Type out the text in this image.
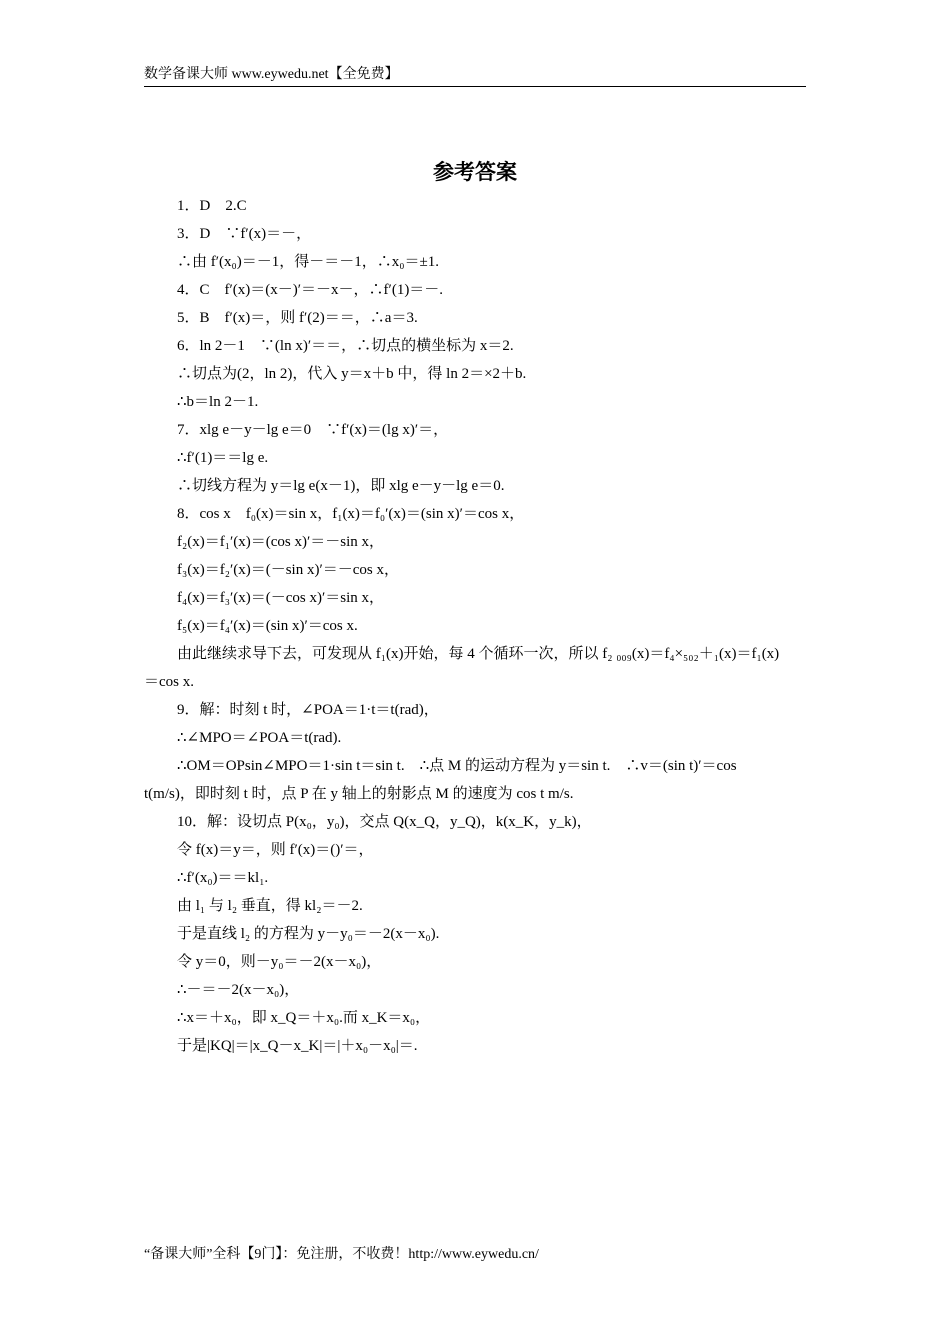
数学备课大师 www.eywedu.net【全免费】
参考答案
1．D　2.C
3．D　∵f′(x)＝－，
∴由 f′(x₀)＝－1，得－＝－1，∴x₀＝±1.
4．C　f′(x)＝(x－)′＝－x－，∴f′(1)＝－.
5．B　f′(x)＝，则 f′(2)＝＝，∴a＝3.
6．ln 2－1　∵(ln x)′＝＝，∴切点的横坐标为 x＝2.
∴切点为(2，ln 2)，代入 y＝x＋b 中，得 ln 2＝×2＋b.
∴b＝ln 2－1.
7．xlg e－y－lg e＝0　∵f′(x)＝(lg x)′＝，
∴f′(1)＝＝lg e.
∴切线方程为 y＝lg e(x－1)，即 xlg e－y－lg e＝0.
8．cos x　f₀(x)＝sin x，f₁(x)＝f₀′(x)＝(sin x)′＝cos x，
f₂(x)＝f₁′(x)＝(cos x)′＝－sin x，
f₃(x)＝f₂′(x)＝(－sin x)′＝－cos x，
f₄(x)＝f₃′(x)＝(－cos x)′＝sin x，
f₅(x)＝f₄′(x)＝(sin x)′＝cos x.
由此继续求导下去，可发现从 f₁(x)开始，每 4 个循环一次，所以 f₂ ₀₀₉(x)＝f₄×₅₀₂＋₁(x)＝f₁(x)
＝cos x.
9．解：时刻 t 时，∠POA＝1·t＝t(rad)，
∴∠MPO＝∠POA＝t(rad).
∴OM＝OPsin∠MPO＝1·sin t＝sin t.　∴点 M 的运动方程为 y＝sin t.　∴v＝(sin t)′＝cos
t(m/s)，即时刻 t 时，点 P 在 y 轴上的射影点 M 的速度为 cos t m/s.
10．解：设切点 P(x₀，y₀)，交点 Q(x_Q，y_Q)，k(x_K，y_k)，
令 f(x)＝y＝，则 f′(x)＝()′＝，
∴f′(x₀)＝＝kl₁.
由 l₁ 与 l₂ 垂直，得 kl₂＝－2.
于是直线 l₂ 的方程为 y－y₀＝－2(x－x₀).
令 y＝0，则－y₀＝－2(x－x₀)，
∴－＝－2(x－x₀)，
∴x＝＋x₀，即 x_Q＝＋x₀.而 x_K＝x₀，
于是|KQ|＝|x_Q－x_K|＝|＋x₀－x₀|＝.
“备课大师”全科【9门】：免注册，不收费！http://www.eywedu.cn/
